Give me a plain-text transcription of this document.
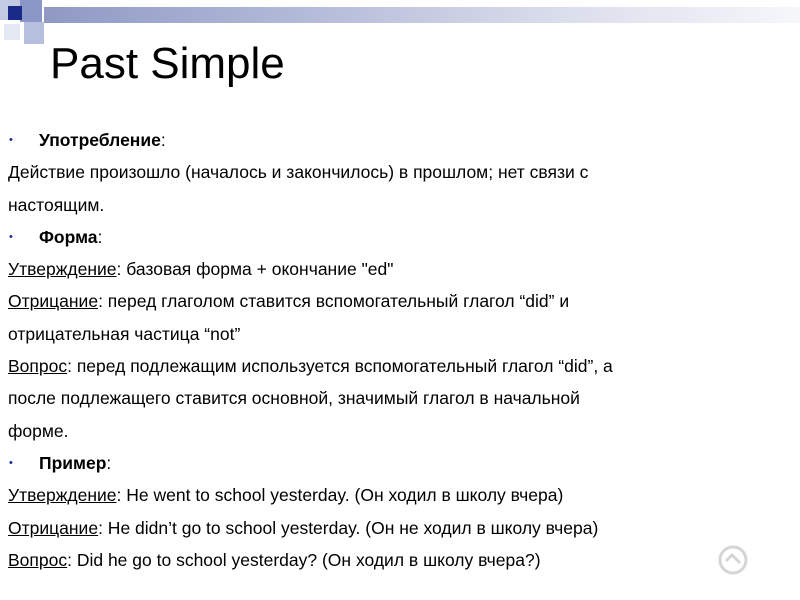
Past Simple
• Употребление:
Действие произошло (началось и закончилось) в прошлом; нет связи с
настоящим.
• Форма:
Утверждение: базовая форма + окончание "ed"
Отрицание: перед глаголом ставится вспомогательный глагол “did” и
отрицательная частица “not”
Вопрос: перед подлежащим используется вспомогательный глагол “did”, а
после подлежащего ставится основной, значимый глагол в начальной
форме.
• Пример:
Утверждение: He went to school yesterday. (Он ходил в школу вчера)
Отрицание: He didn’t go to school yesterday. (Он не ходил в школу вчера)
Вопрос: Did he go to school yesterday? (Он ходил в школу вчера?)
